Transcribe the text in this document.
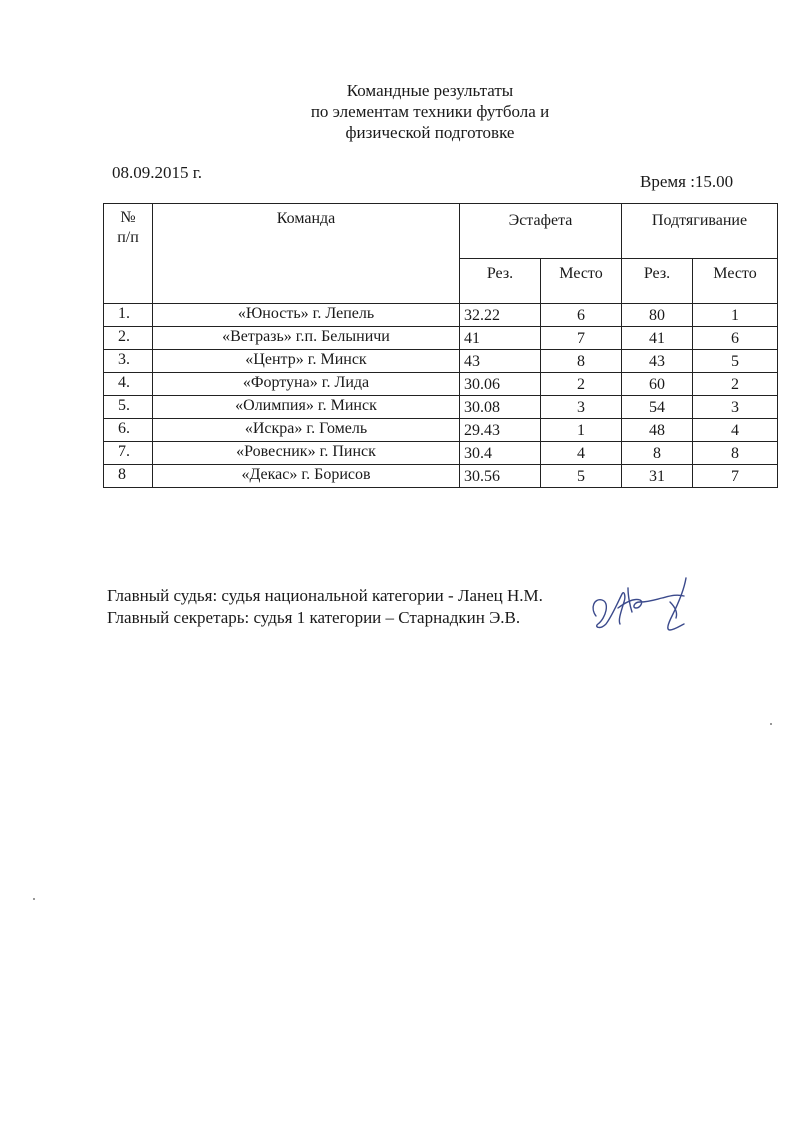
Командные результаты
по элементам техники футбола и
физической подготовке
08.09.2015 г.	Время :15.00
№
п/п	Команда	Эстафета		Подтягивание	
		Рез.	Место	Рез.	Место
1.	«Юность» г. Лепель	32.22	6	80	1
2.	«Ветразь» г.п. Белыничи	41	7	41	6
3.	«Центр» г. Минск	43	8	43	5
4.	«Фортуна» г. Лида	30.06	2	60	2
5.	«Олимпия» г. Минск	30.08	3	54	3
6.	«Искра» г. Гомель	29.43	1	48	4
7.	«Ровесник» г. Пинск	30.4	4	8	8
8	«Декас» г. Борисов	30.56	5	31	7
Главный судья: судья национальной категории - Ланец Н.М.
Главный секретарь: судья 1 категории – Старнадкин Э.В.
